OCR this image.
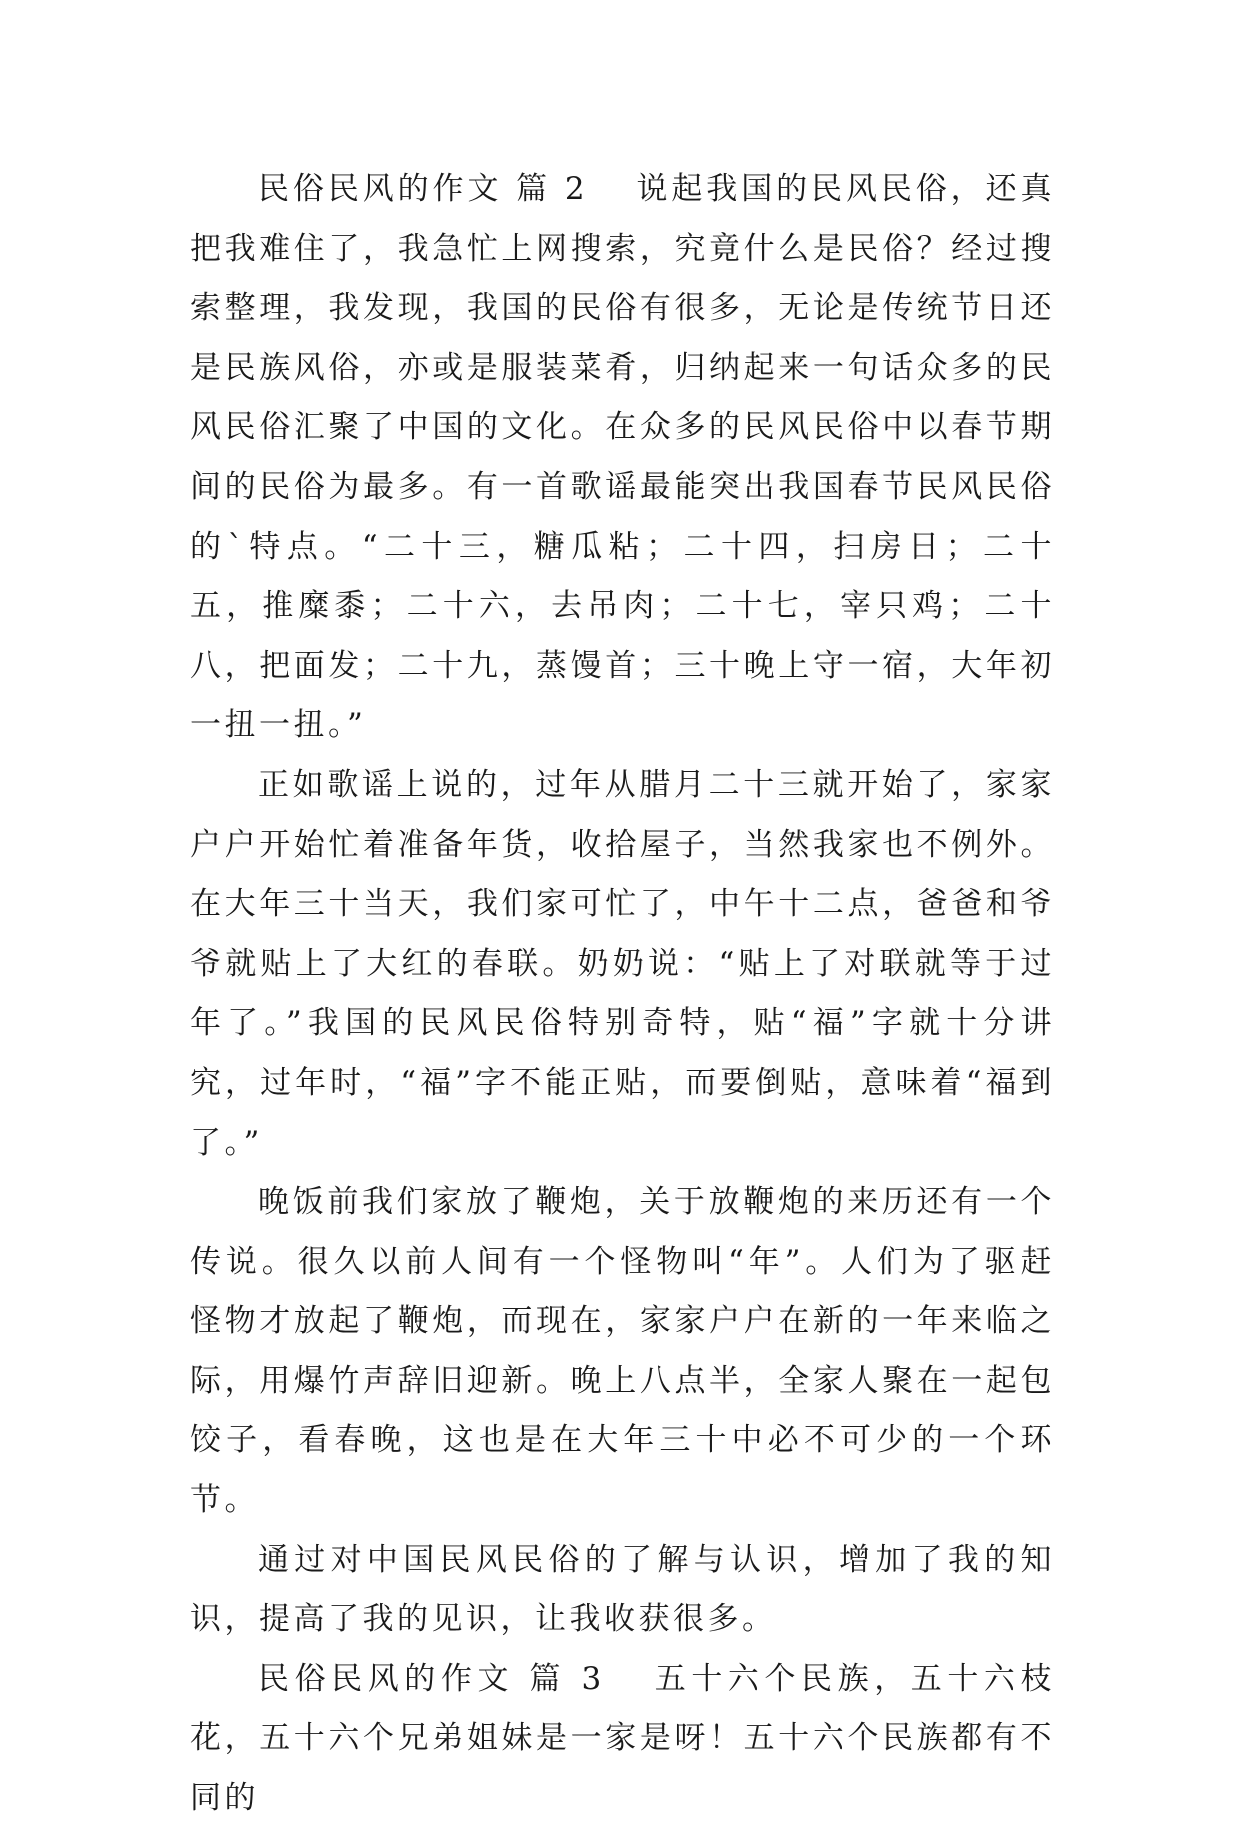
民俗民风的作文 篇 2 说起我国的民风民俗，还真把我难住了，我急忙上网搜索，究竟什么是民俗？经过搜索整理，我发现，我国的民俗有很多，无论是传统节日还是民族风俗，亦或是服装菜肴，归纳起来一句话众多的民风民俗汇聚了中国的文化。在众多的民风民俗中以春节期间的民俗为最多。有一首歌谣最能突出我国春节民风民俗的`特点。“二十三，糖瓜粘；二十四，扫房日；二十五，推糜黍；二十六，去吊肉；二十七，宰只鸡；二十八，把面发；二十九，蒸馒首；三十晚上守一宿，大年初一扭一扭。”

正如歌谣上说的，过年从腊月二十三就开始了，家家户户开始忙着准备年货，收拾屋子，当然我家也不例外。在大年三十当天，我们家可忙了，中午十二点，爸爸和爷爷就贴上了大红的春联。奶奶说：“贴上了对联就等于过年了。”我国的民风民俗特别奇特，贴“福”字就十分讲究，过年时，“福”字不能正贴，而要倒贴，意味着“福到了。”

晚饭前我们家放了鞭炮，关于放鞭炮的来历还有一个传说。很久以前人间有一个怪物叫“年”。人们为了驱赶怪物才放起了鞭炮，而现在，家家户户在新的一年来临之际，用爆竹声辞旧迎新。晚上八点半，全家人聚在一起包饺子，看春晚，这也是在大年三十中必不可少的一个环节。

通过对中国民风民俗的了解与认识，增加了我的知识，提高了我的见识，让我收获很多。

民俗民风的作文 篇 3 五十六个民族，五十六枝花，五十六个兄弟姐妹是一家是呀！五十六个民族都有不同的
